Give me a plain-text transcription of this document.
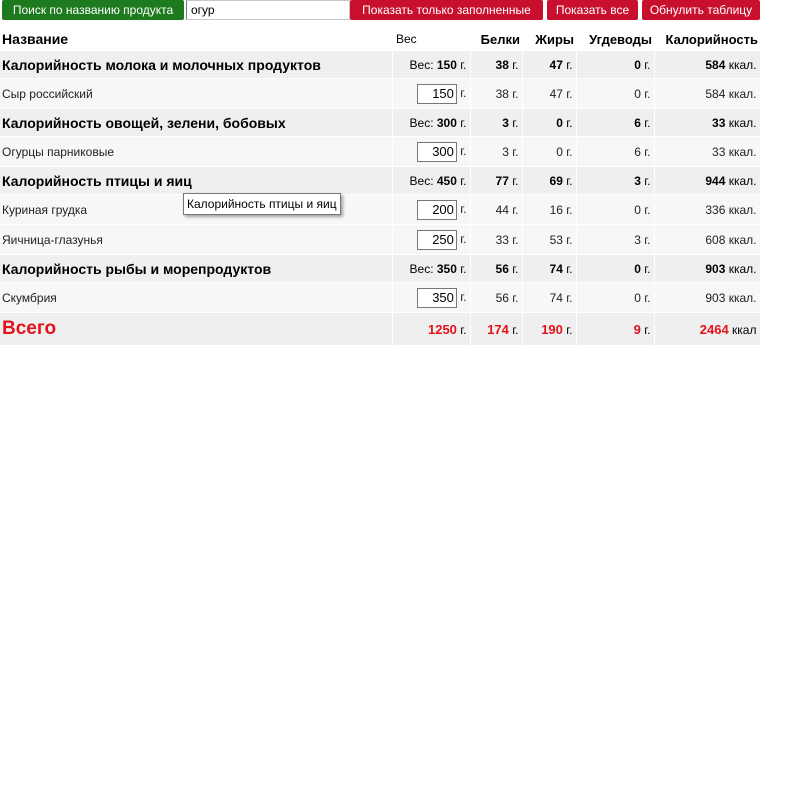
Поиск по названию продукта
огур	Показать только заполненные	Показать все	Обнулить таблицу
Название	Вес	Белки	Жиры	Угдеводы	Калорийность
Калорийность молока и молочных продуктов	Вес: 150 г.	38 г.	47 г.	0 г.	584 ккал.
Сыр российский	150г.	38 г.	47 г.	0 г.	584 ккал.
Калорийность овощей, зелени, бобовых	Вес: 300 г.	3 г.	0 г.	6 г.	33 ккал.
Огурцы парниковые	300г.	3 г.	0 г.	6 г.	33 ккал.
Калорийность птицы и яиц	Вес: 450 г.	77 г.	69 г.	3 г.	944 ккал.
Куриная грудка	200г.	44 г.	16 г.	0 г.	336 ккал.
Яичница-глазунья	250г.	33 г.	53 г.	3 г.	608 ккал.
Калорийность рыбы и морепродуктов	Вес: 350 г.	56 г.	74 г.	0 г.	903 ккал.
Скумбрия	350г.	56 г.	74 г.	0 г.	903 ккал.
Всего	1250 г.	174 г.	190 г.	9 г.	2464 ккал
Калорийность птицы и яиц
